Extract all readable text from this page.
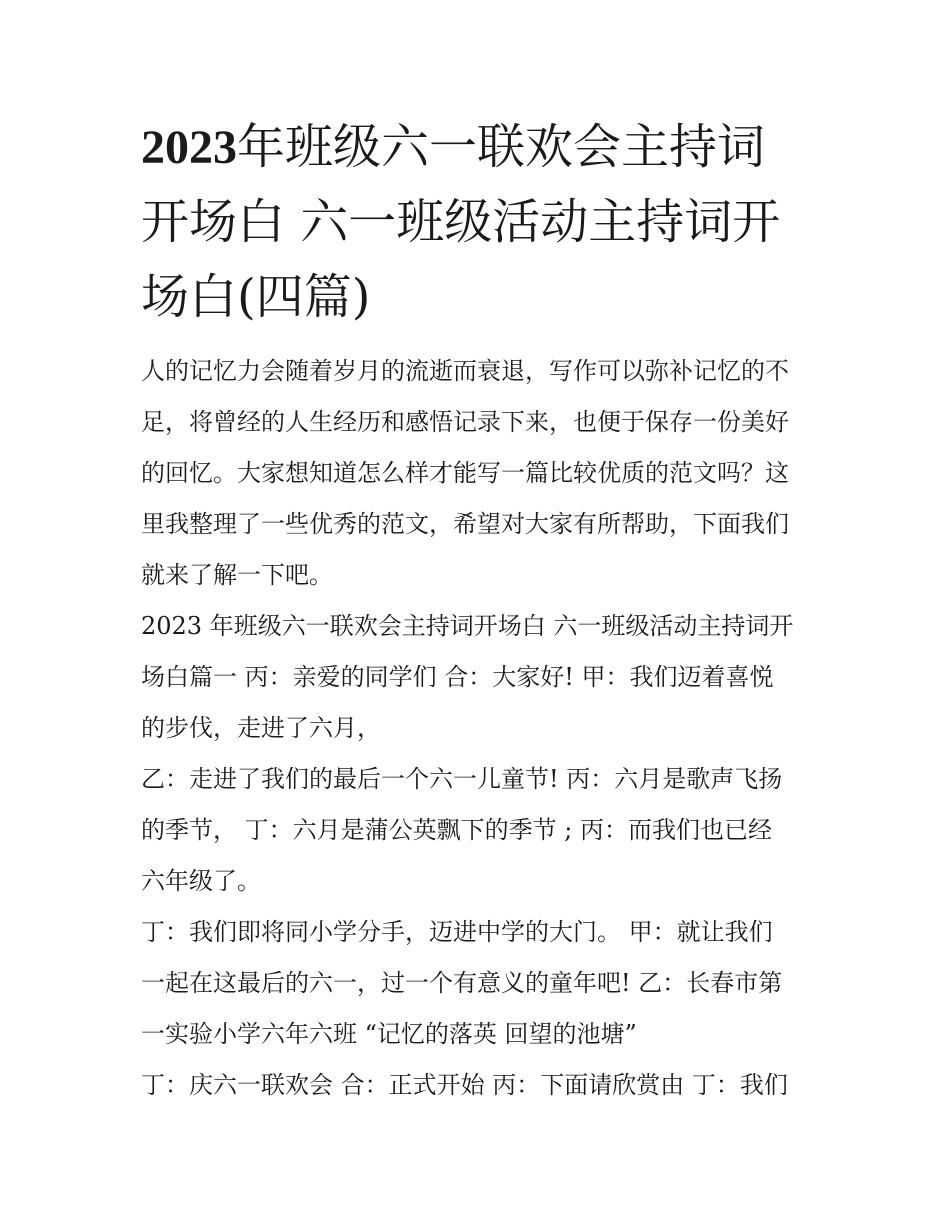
2023年班级六一联欢会主持词
开场白 六一班级活动主持词开
场白(四篇)
人的记忆力会随着岁月的流逝而衰退，写作可以弥补记忆的不
足，将曾经的人生经历和感悟记录下来，也便于保存一份美好
的回忆。大家想知道怎么样才能写一篇比较优质的范文吗？这
里我整理了一些优秀的范文，希望对大家有所帮助，下面我们
就来了解一下吧。
2023 年班级六一联欢会主持词开场白 六一班级活动主持词开
场白篇一 丙：亲爱的同学们 合：大家好! 甲：我们迈着喜悦
的步伐，走进了六月，
乙：走进了我们的最后一个六一儿童节! 丙：六月是歌声飞扬
的季节， 丁：六月是蒲公英飘下的季节 ; 丙：而我们也已经
六年级了。
丁：我们即将同小学分手，迈进中学的大门。 甲：就让我们
一起在这最后的六一，过一个有意义的童年吧! 乙：长春市第
一实验小学六年六班 “记忆的落英 回望的池塘”
丁：庆六一联欢会 合：正式开始 丙：下面请欣赏由 丁：我们
